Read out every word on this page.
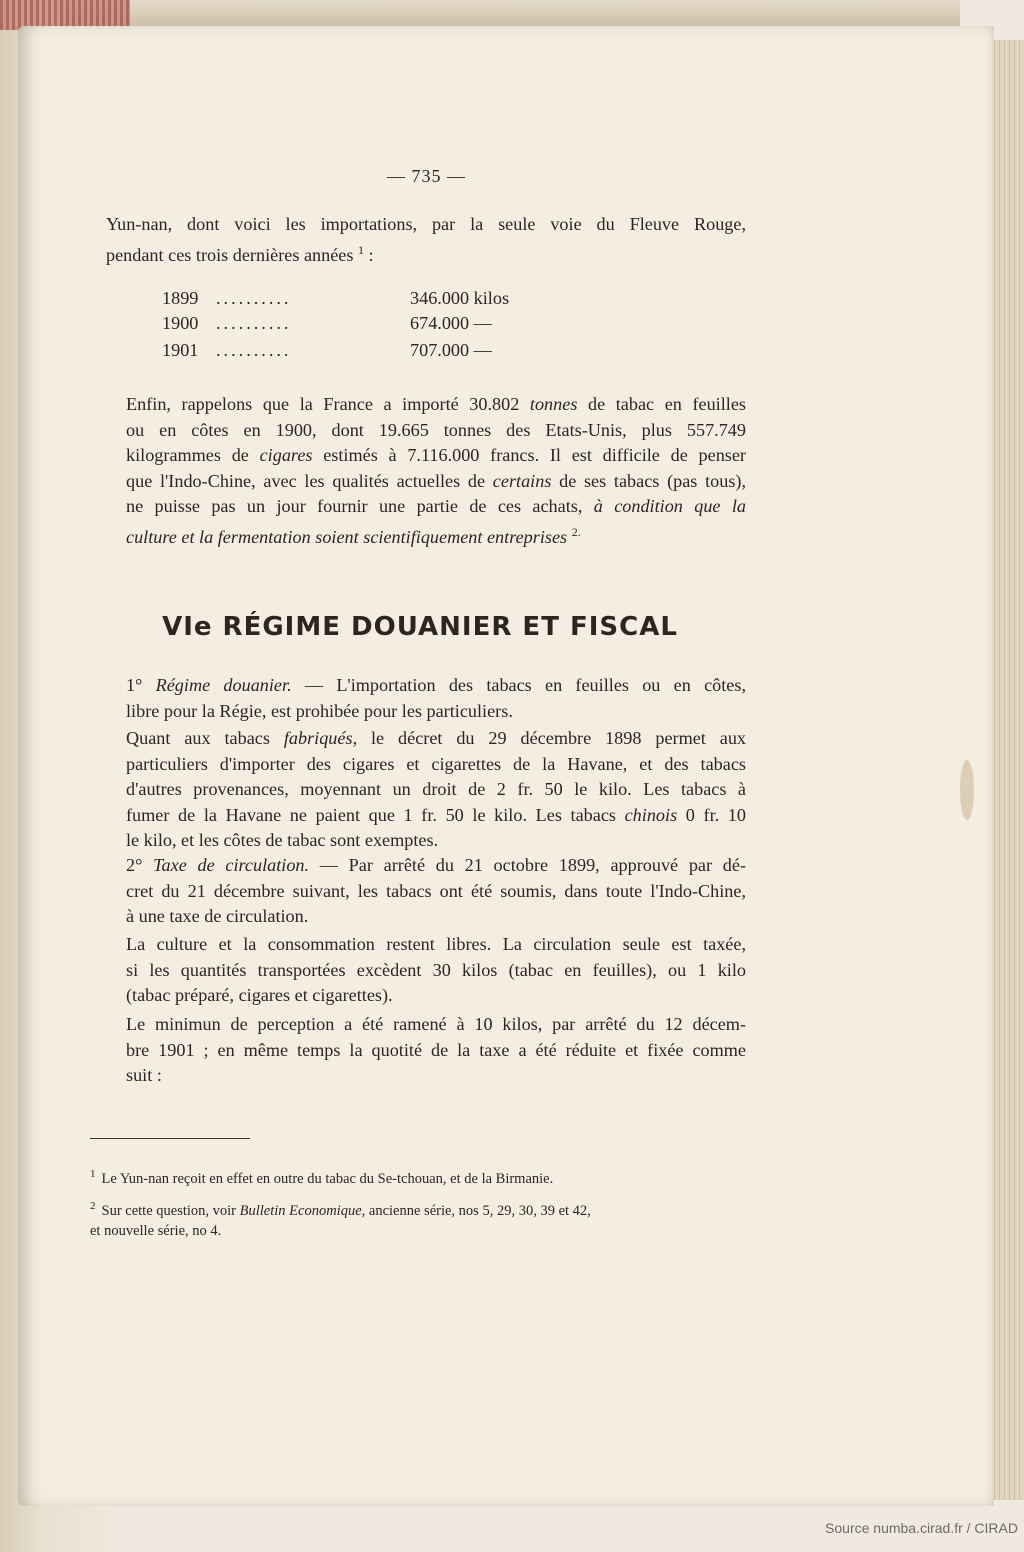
— 735 —

Yun-nan, dont voici les importations, par la seule voie du Fleuve Rouge,
pendant ces trois dernières années $^1$ :

1899 ..........	346.000 kilos
1900 ..........	674.000 —
1901 ..........	707.000 —

Enfin, rappelons que la France a importé 30.802 tonnes de tabac en feuilles
ou en côtes en 1900, dont 19.665 tonnes des Etats-Unis, plus 557.749
kilogrammes de cigares estimés à 7.116.000 francs. Il est difficile de penser
que l'Indo-Chine, avec les qualités actuelles de certains de ses tabacs (pas tous),
ne puisse pas un jour fournir une partie de ces achats, à condition que la
culture et la fermentation soient scientifiquement entreprises $^{2.}$

VIe RÉGIME DOUANIER ET FISCAL

1° Régime douanier. — L'importation des tabacs en feuilles ou en côtes,
libre pour la Régie, est prohibée pour les particuliers.

Quant aux tabacs fabriqués, le décret du 29 décembre 1898 permet aux
particuliers d'importer des cigares et cigarettes de la Havane, et des tabacs
d'autres provenances, moyennant un droit de 2 fr. 50 le kilo. Les tabacs à
fumer de la Havane ne paient que 1 fr. 50 le kilo. Les tabacs chinois 0 fr. 10
le kilo, et les côtes de tabac sont exemptes.

2° Taxe de circulation. — Par arrêté du 21 octobre 1899, approuvé par dé-
cret du 21 décembre suivant, les tabacs ont été soumis, dans toute l'Indo-Chine,
à une taxe de circulation.

La culture et la consommation restent libres. La circulation seule est taxée,
si les quantités transportées excèdent 30 kilos (tabac en feuilles), ou 1 kilo
(tabac préparé, cigares et cigarettes).

Le minimun de perception a été ramené à 10 kilos, par arrêté du 12 décem-
bre 1901 ; en même temps la quotité de la taxe a été réduite et fixée comme
suit :

$^1$ Le Yun-nan reçoit en effet en outre du tabac du Se-tchouan, et de la Birmanie.
$^2$ Sur cette question, voir Bulletin Economique, ancienne série, nos 5, 29, 30, 39 et 42,
et nouvelle série, no 4.
Source numba.cirad.fr / CIRAD
